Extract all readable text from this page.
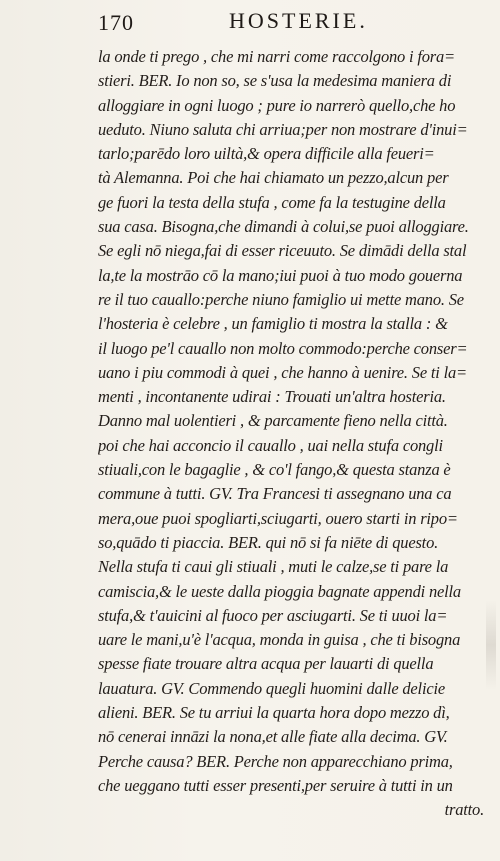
170	HOSTERIE.
la onde ti prego , che mi narri come raccolgono i fora=
stieri. BER. Io non so, se s'usa la medesima maniera di
alloggiare in ogni luogo ; pure io narrerò quello,che ho
ueduto. Niuno saluta chi arriua;per non mostrare d'inui=
tarlo;parēdo loro uiltà,& opera difficile alla feueri=
tà Alemanna. Poi che hai chiamato un pezzo,alcun per
ge fuori la testa della stufa , come fa la testugine della
sua casa. Bisogna,che dimandi à colui,se puoi alloggiare.
Se egli nō niega,fai di esser riceuuto. Se dimādi della stal
la,te la mostrāo cō la mano;iui puoi à tuo modo gouerna
re il tuo cauallo:perche niuno famiglio ui mette mano. Se
l'hosteria è celebre , un famiglio ti mostra la stalla : &
il luogo pe'l cauallo non molto commodo:perche conser=
uano i piu commodi à quei , che hanno à uenire. Se ti la=
menti , incontanente udirai : Trouati un'altra hosteria.
Danno mal uolentieri , & parcamente fieno nella città.
poi che hai acconcio il cauallo , uai nella stufa congli
stiuali,con le bagaglie , & co'l fango,& questa stanza è
commune à tutti. GV. Tra Francesi ti assegnano una ca
mera,oue puoi spogliarti,sciugarti, ouero starti in ripo=
so,quādo ti piaccia. BER. qui nō si fa niēte di questo.
Nella stufa ti caui gli stiuali , muti le calze,se ti pare la
camiscia,& le ueste dalla pioggia bagnate appendi nella
stufa,& t'auicini al fuoco per asciugarti. Se ti uuoi la=
uare le mani,u'è l'acqua, monda in guisa , che ti bisogna
spesse fiate trouare altra acqua per lauarti di quella
lauatura. GV. Commendo quegli huomini dalle delicie
alieni. BER. Se tu arriui la quarta hora dopo mezzo dì,
nō cenerai innāzi la nona,et alle fiate alla decima. GV.
Perche causa? BER. Perche non apparecchiano prima,
che ueggano tutti esser presenti,per seruire à tutti in un
tratto.
